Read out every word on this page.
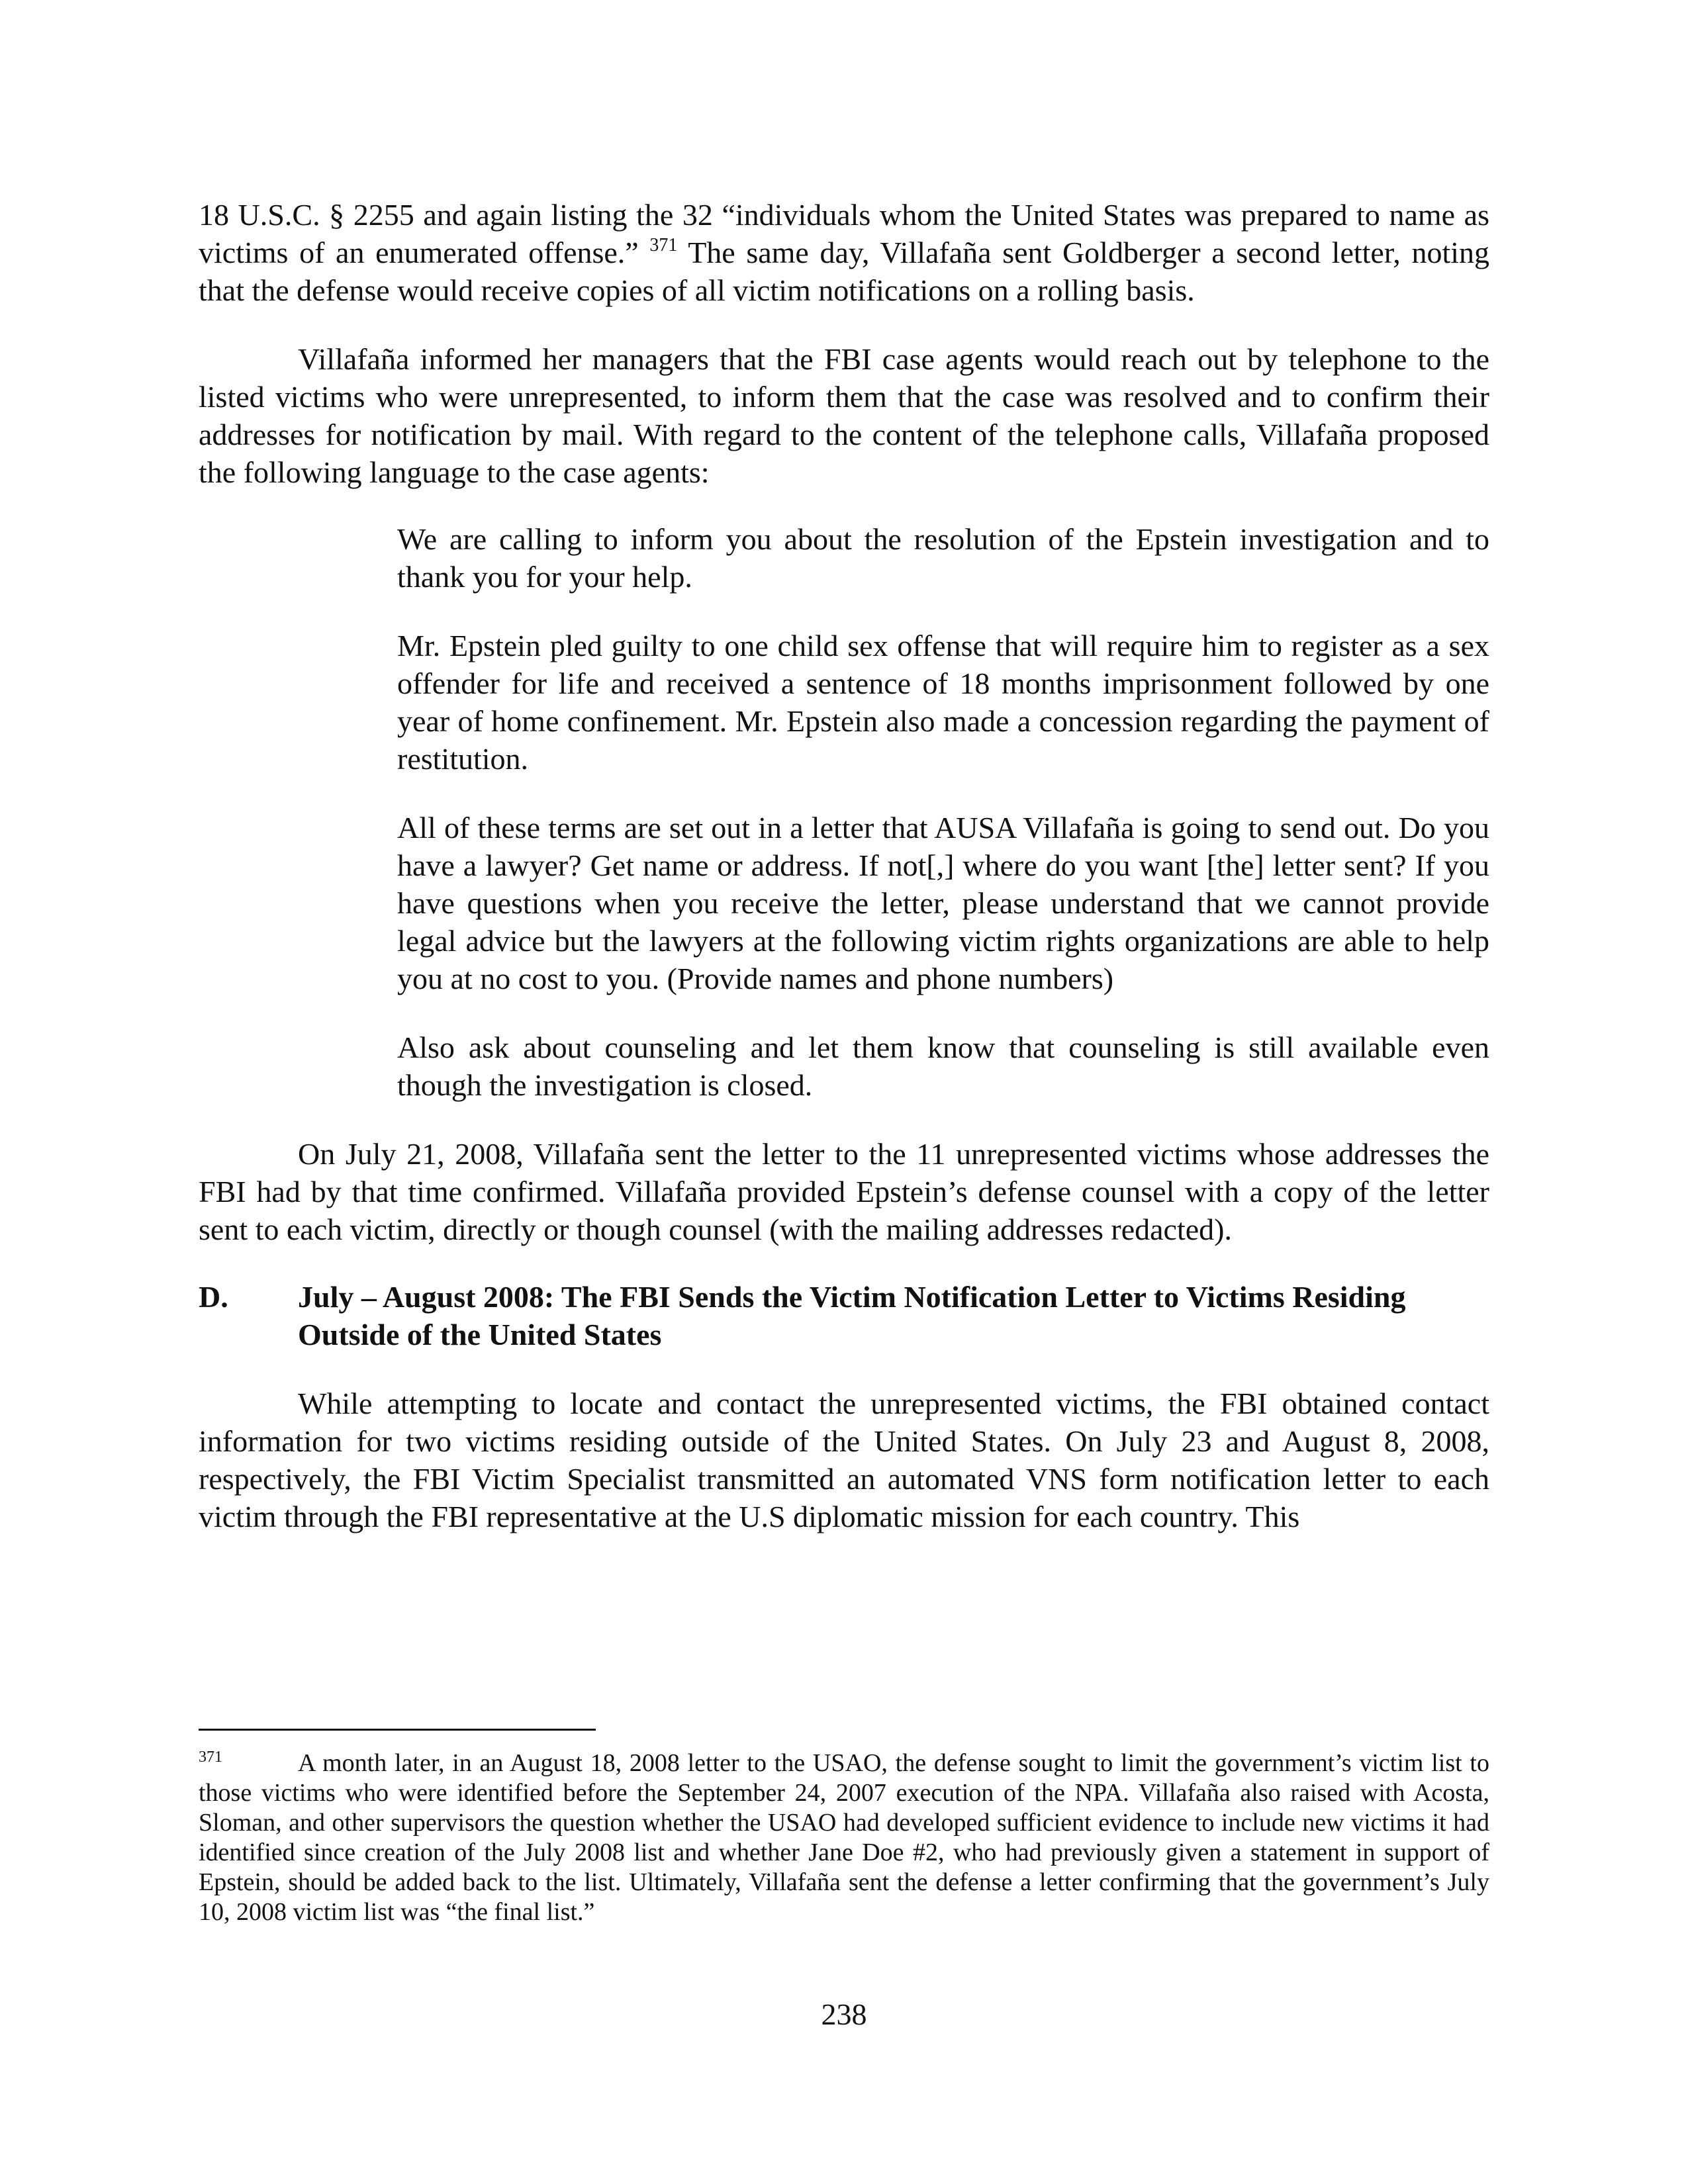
18 U.S.C. § 2255 and again listing the 32 “individuals whom the United States was prepared to name as victims of an enumerated offense.” $^{371}$ The same day, Villafaña sent Goldberger a second letter, noting that the defense would receive copies of all victim notifications on a rolling basis.

Villafaña informed her managers that the FBI case agents would reach out by telephone to the listed victims who were unrepresented, to inform them that the case was resolved and to confirm their addresses for notification by mail. With regard to the content of the telephone calls, Villafaña proposed the following language to the case agents:

We are calling to inform you about the resolution of the Epstein investigation and to thank you for your help.

Mr. Epstein pled guilty to one child sex offense that will require him to register as a sex offender for life and received a sentence of 18 months imprisonment followed by one year of home confinement. Mr. Epstein also made a concession regarding the payment of restitution.

All of these terms are set out in a letter that AUSA Villafaña is going to send out. Do you have a lawyer? Get name or address. If not[,] where do you want [the] letter sent? If you have questions when you receive the letter, please understand that we cannot provide legal advice but the lawyers at the following victim rights organizations are able to help you at no cost to you. (Provide names and phone numbers)

Also ask about counseling and let them know that counseling is still available even though the investigation is closed.

On July 21, 2008, Villafaña sent the letter to the 11 unrepresented victims whose addresses the FBI had by that time confirmed. Villafaña provided Epstein’s defense counsel with a copy of the letter sent to each victim, directly or though counsel (with the mailing addresses redacted).

D.	July – August 2008: The FBI Sends the Victim Notification Letter to Victims Residing Outside of the United States

While attempting to locate and contact the unrepresented victims, the FBI obtained contact information for two victims residing outside of the United States. On July 23 and August 8, 2008, respectively, the FBI Victim Specialist transmitted an automated VNS form notification letter to each victim through the FBI representative at the U.S diplomatic mission for each country. This

371	A month later, in an August 18, 2008 letter to the USAO, the defense sought to limit the government’s victim list to those victims who were identified before the September 24, 2007 execution of the NPA. Villafaña also raised with Acosta, Sloman, and other supervisors the question whether the USAO had developed sufficient evidence to include new victims it had identified since creation of the July 2008 list and whether Jane Doe #2, who had previously given a statement in support of Epstein, should be added back to the list. Ultimately, Villafaña sent the defense a letter confirming that the government’s July 10, 2008 victim list was “the final list.”
238
